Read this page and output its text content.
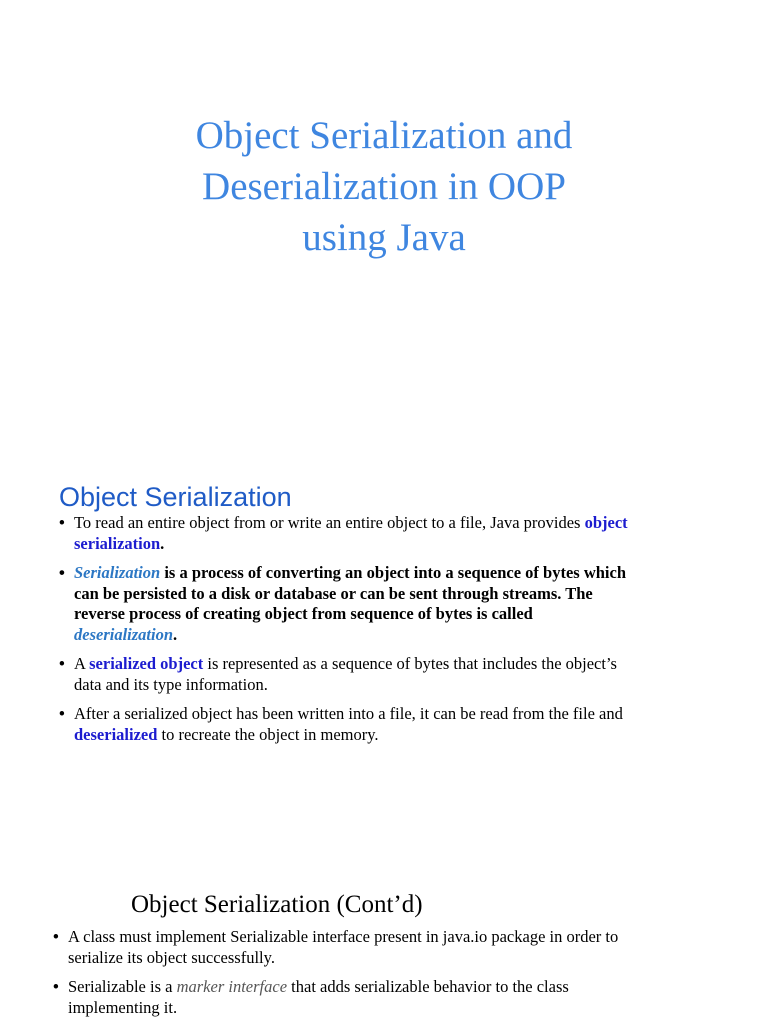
Object Serialization and
Deserialization in OOP
using Java
Object Serialization
• To read an entire object from or write an entire object to a file, Java provides object serialization.
• Serialization is a process of converting an object into a sequence of bytes which can be persisted to a disk or database or can be sent through streams. The reverse process of creating object from sequence of bytes is called deserialization.
• A serialized object is represented as a sequence of bytes that includes the object’s data and its type information.
• After a serialized object has been written into a file, it can be read from the file and deserialized to recreate the object in memory.
Object Serialization (Cont’d)
• A class must implement Serializable interface present in java.io package in order to serialize its object successfully.
• Serializable is a marker interface that adds serializable behavior to the class implementing it.
